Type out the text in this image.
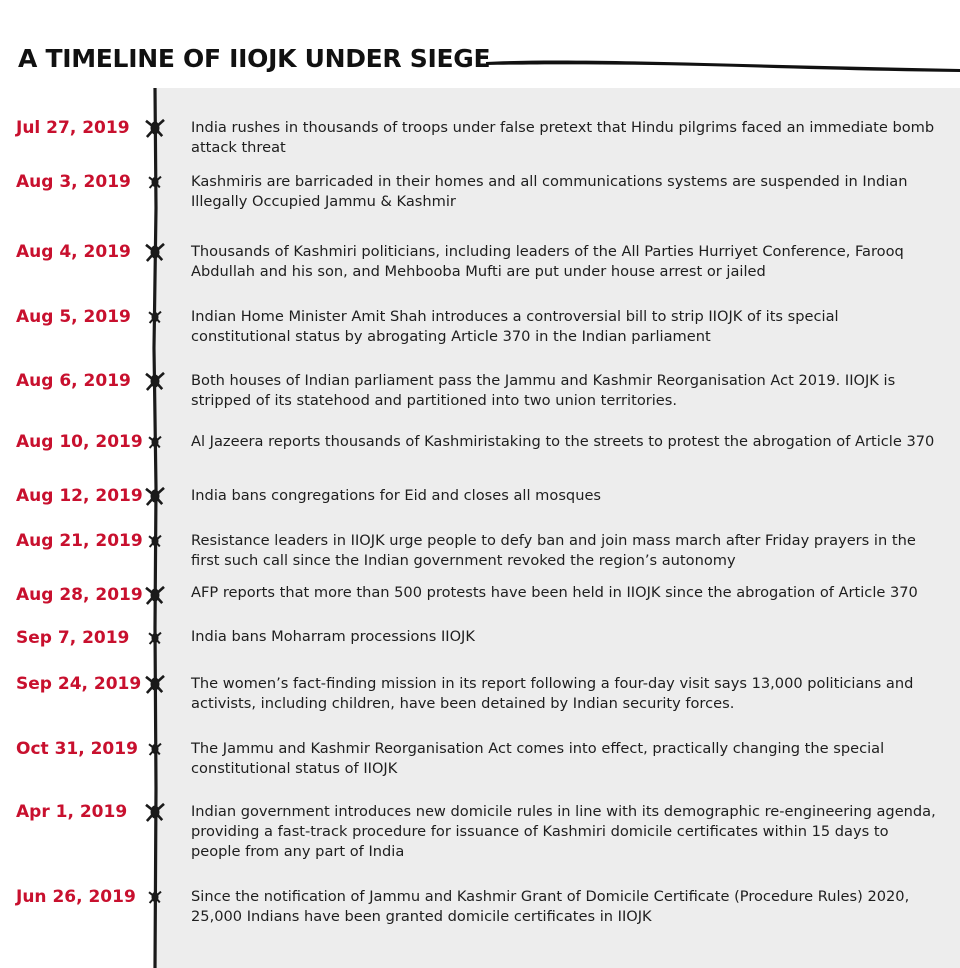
A TIMELINE OF IIOJK UNDER SIEGE

Jul 27, 2019	India rushes in thousands of troops under false pretext that Hindu pilgrims faced an immediate bomb attack threat

Aug 3, 2019	Kashmiris are barricaded in their homes and all communications systems are suspended in Indian Illegally Occupied Jammu & Kashmir

Aug 4, 2019	Thousands of Kashmiri politicians, including leaders of the All Parties Hurriyet Conference, Farooq Abdullah and his son, and Mehbooba Mufti are put under house arrest or jailed

Aug 5, 2019	Indian Home Minister Amit Shah introduces a controversial bill to strip IIOJK of its special constitutional status by abrogating Article 370 in the Indian parliament

Aug 6, 2019	Both houses of Indian parliament pass the Jammu and Kashmir Reorganisation Act 2019. IIOJK is stripped of its statehood and partitioned into two union territories.

Aug 10, 2019	Al Jazeera reports thousands of Kashmiristaking to the streets to protest the abrogation of Article 370

Aug 12, 2019	India bans congregations for Eid and closes all mosques

Aug 21, 2019	Resistance leaders in IIOJK urge people to defy ban and join mass march after Friday prayers in the first such call since the Indian government revoked the region’s autonomy

Aug 28, 2019	AFP reports that more than 500 protests have been held in IIOJK since the abrogation of Article 370

Sep 7, 2019	India bans Moharram processions IIOJK

Sep 24, 2019	The women’s fact-finding mission in its report following a four-day visit says 13,000 politicians and activists, including children, have been detained by Indian security forces.

Oct 31, 2019	The Jammu and Kashmir Reorganisation Act comes into effect, practically changing the special constitutional status of IIOJK

Apr 1, 2019	Indian government introduces new domicile rules in line with its demographic re-engineering agenda, providing a fast-track procedure for issuance of Kashmiri domicile certificates within 15 days to people from any part of India

Jun 26, 2019	Since the notification of Jammu and Kashmir Grant of Domicile Certificate (Procedure Rules) 2020, 25,000 Indians have been granted domicile certificates in IIOJK
